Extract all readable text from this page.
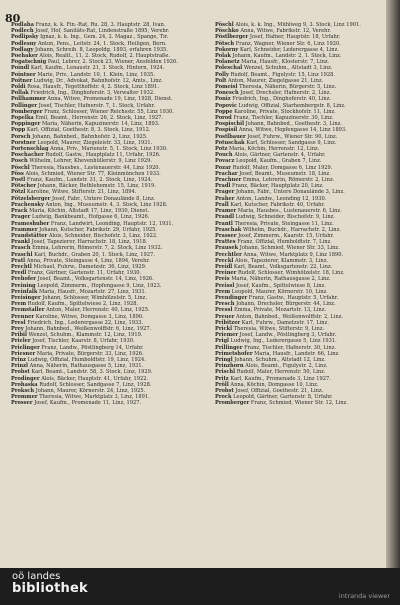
80
Podlaha Franz, k. k. Fin.-Rat, Ru. 28, 3. Hauptstr. 28, Ivan.
Podlech Josef, Hof, Sanitäts-Rat, Lindenstraße 1895, Verehr.
Podlipsky Ignaz, k. k. Ing., Gem. 24, 2. Magaz., Spange, Tir.
Podlesny Anton, Pens., Leitstr. 24, 1. Stock, Heiligen, Bern.
Podlagy Johann, Schreib. 8, Leopoldg. 1893, erfahren 1935.
Poehaker Alois, Realit., 11, 2. Stock, Rudolf, 2. Hauptstraße.
Pogatschnig Paul, Lehrer, 2. Stock 23, Wiener, Ansfelden 1926.
Poindl Karl, Kaufm., Lenaustr. 21, 3. Stock, Hintern, 1924.
Pointner Marie, Priv., Landstr. 10, 1. Klein, Linz, 1935.
Poitner Ludwig, Dr., Advokat, Bahnhofstr. 12, Amts., Linz.
Poldi Rosa, Hausfr., Tegetthoffstr. 4, 2. Stock, Linz 1891.
Pollak Friedrich, Ing., Dinghoferstr. 3, Verwalter 1932.
Pollhammer Anna, Witwe, Promenade 19, Linz, 1928, Dienst.
Pollinger Josef, Tischler, Hafnerstr. 7, 1. Stock, Urfahr.
Pomberger Franz, Schlosser, Wiener Reichsstr. 55, Linz 1930.
Popelka Emil, Beamt., Herrenstr. 26, 2. Stock, Linz, 1927.
Poppinger Maria, Näherin, Kapuzinerstr. 14, Linz, 1893.
Popp Karl, Offizial, Goethestr. 8, 3. Stock, Linz, 1912.
Porsch Johann, Bahnbed., Bahnhofstr. 2, Linz, 1925.
Porstner Leopold, Maurer, Ziegeleistr. 33, Linz, 1931.
Portenschlag Anna, Priv., Marienstr. 5, 1. Stock, Linz 1930.
Poschacher Rudolf, Gastw., Hauptplatz 11, Urfahr, 1926.
Posch Wilhelm, Lehrer, Khevenhüllerstr. 9, Linz 1929.
Pöschl Theresia, Hausbes., Lustenauerstr. 44, Linz 1920.
Pöss Alois, Schmied, Wiener Str. 77, Kleinmünchen 1933.
Postl Franz, Kaufm., Landstr. 31, 2. Stock, Linz, 1924.
Pötscher Johann, Bäcker, Bethlehemstr. 15, Linz, 1919.
Pötzl Karoline, Witwe, Stifterstr. 21, Linz, 1894.
Pötzelsberger Josef, Fabr., Untere Donaulände 8, Linz.
Prachensky Anton, Ing., Museumstr. 4, 3. Stock, Linz 1928.
Prack Maria, Köchin, Altstadt 17, Linz, 1930, Dienst.
Prager Ludwig, Bankbeamt., Hofgasse 6, Linz, 1926.
Prameshuber Franz, Landwirt, Leonding, Hauptstr. 12, 1931.
Prammer Johann, Kutscher, Fabrikstr. 29, Urfahr, 1925.
Prandstätter Alois, Schneider, Bischofstr. 3, Linz, 1922.
Prankl Josef, Tapezierer, Harrachstr. 18, Linz, 1918.
Prasch Emma, Lehrerin, Römerstr. 7, 2. Stock, Linz 1932.
Praschl Karl, Buchdr., Graben 20, 1. Stock, Linz, 1927.
Pratl Anna, Private, Steingasse 4, Linz, 1894, Verehr.
Prechtl Michael, Fuhrw., Dametzstr. 36, Linz, 1929.
Predl Franz, Gärtner, Gartenstr. 11, Urfahr, 1930.
Prehofer Josef, Beamt., Volksgartenstr. 14, Linz, 1926.
Preining Leopold, Zimmerm., Hopfengasse 9, Linz, 1923.
Preinfalk Maria, Hausfr., Mozartstr. 27, Linz, 1931.
Preisinger Johann, Schlosser, Wimhölzelstr. 5, Linz.
Prem Rudolf, Kaufm., Spittelwiese 2, Linz, 1928.
Premstaller Anton, Maler, Herrenstr. 40, Linz, 1925.
Prenner Karoline, Witwe, Domgasse 3, Linz, 1890.
Presl Friedrich, Ing., Lederergasse 22, Linz, 1933.
Prey Johann, Bahnbed., Weißenwolffstr. 6, Linz, 1927.
Pribil Wenzel, Schuhm., Klammstr. 12, Linz, 1919.
Prieler Josef, Tischler, Kaarstr. 8, Urfahr, 1930.
Prielinger Franz, Landw., Pöstlingberg 14, Urfahr.
Priesner Maria, Private, Bürgerstr. 33, Linz, 1926.
Prinz Ludwig, Offizial, Humboldtstr. 19, Linz, 1924.
Prinzl Anna, Näherin, Rathausgasse 5, Linz, 1931.
Probst Karl, Beamt., Landstr. 58, 3. Stock, Linz, 1929.
Prodinger Alois, Bäcker, Hauptstr. 41, Urfahr, 1922.
Prohaska Rudolf, Schlosser, Sandgasse 7, Linz, 1928.
Proksch Johann, Maurer, Körnerstr. 24, Linz, 1925.
Prommer Theresia, Witwe, Marktplatz 3, Linz, 1891.
Prosser Josef, Kaufm., Promenade 11, Linz, 1927.
Pöschl Alois, k. k. Ing., Mühlweg 9, 3. Stock, Linz 1901.
Pöschko Anna, Witwe, Fabrikstr. 12, Verehr.
Pöstlberger Josef, Hafner, Hauptstr. 18, Urfahr.
Pötsch Franz, Wagner, Wiener Str. 6, Linz 1920.
Pokorny Karl, Schneider, Lederergasse 4, Linz.
Polak Johann, Kaufm., Landstr. 2, 1. Stock, Linz.
Polanetz Maria, Hausfr., Klosterstr. 7, Linz.
Poleschal Wenzel, Schuhm., Altstadt 3, Linz.
Polly Rudolf, Beamt., Figulystr. 15, Linz 1928.
Polt Anton, Maurer, Ziegelgasse 21, Linz.
Pomeisl Theresia, Näherin, Bürgerstr. 5, Linz.
Ponesch Josef, Drechsler, Hafnerstr. 2, Linz.
Poniz Friedrich, Ing., Dinghoferstr. 40, Linz.
Popovic Ludwig, Offizial, Starhembergstr. 8, Linz.
Poppe Karoline, Private, Stockhofstr. 11, Linz.
Porod Franz, Tischler, Kapuzinerstr. 30, Linz.
Pospischil Johann, Bahnbed., Goethestr. 3, Linz.
Pospisil Anna, Witwe, Hopfengasse 14, Linz 1893.
Postlbauer Josef, Fuhrw., Wiener Str. 90, Linz.
Potuschak Karl, Schlosser, Sandgasse 9, Linz.
Potz Maria, Köchin, Herrenstr. 12, Linz.
Pouch Alois, Gärtner, Gartenstr. 4, Urfahr.
Povacz Leopold, Kaufm., Graben 7, Linz.
Pozar Rudolf, Maler, Domgasse 6, Linz 1929.
Prachar Josef, Beamt., Museumstr. 18, Linz.
Prachner Emma, Lehrerin, Römerstr. 2, Linz.
Pradl Franz, Bäcker, Hauptplatz 20, Linz.
Prager Johann, Fabr., Untere Donaulände 3, Linz.
Praher Anton, Landw., Leonding 12, 1930.
Prall Karl, Kutscher, Fabrikstr. 40, Urfahr.
Pramer Maria, Hausbes., Lustenauerstr. 6, Linz.
Prandl Ludwig, Schneider, Bischofstr. 9, Linz.
Prantl Theresia, Private, Steingasse 11, Linz.
Praschak Wilhelm, Buchdr., Harrachstr. 2, Linz.
Prasser Josef, Zimmerm., Kaarstr. 15, Urfahr.
Prattes Franz, Offizial, Humboldtstr. 7, Linz.
Prausek Johann, Schmied, Wiener Str. 33, Linz.
Prechtler Anna, Witwe, Marktplatz 9, Linz 1890.
Preckl Alois, Tapezierer, Klammstr. 3, Linz.
Preidl Karl, Beamt., Volksgartenstr. 22, Linz.
Preiner Rudolf, Schlosser, Wimhölzelstr. 18, Linz.
Preis Maria, Näherin, Rathausgasse 2, Linz.
Preissl Josef, Kaufm., Spittelwiese 8, Linz.
Prem Leopold, Maurer, Körnerstr. 10, Linz.
Prendinger Franz, Gastw., Hauptstr. 5, Urfahr.
Presch Johann, Drechsler, Bürgerstr. 44, Linz.
Pressl Emma, Private, Mozartstr. 13, Linz.
Preuer Anton, Bahnbed., Weißenwolffstr. 2, Linz.
Pribitzer Karl, Fuhrw., Dametzstr. 17, Linz.
Prickl Theresia, Witwe, Stifterstr. 9, Linz.
Priemer Josef, Landw., Pöstlingberg 3, Urfahr.
Prigl Ludwig, Ing., Lederergasse 5, Linz 1931.
Prillinger Franz, Tischler, Hafnerstr. 30, Linz.
Primetshofer Maria, Hausfr., Landstr. 66, Linz.
Pringl Johann, Schuhm., Altstadt 12, Linz.
Prinzhorn Alois, Beamt., Figulystr. 2, Linz.
Prischl Rudolf, Maler, Herrenstr. 50, Linz.
Pritz Karl, Kaufm., Promenade 3, Linz 1927.
Pröll Anna, Köchin, Domgasse 10, Linz.
Probst Josef, Offizial, Goethestr. 21, Linz.
Prock Leopold, Gärtner, Gartenstr. 8, Urfahr.
Promberger Franz, Schmied, Wiener Str. 12, Linz.
oö landes
bibliothek	intranda viewer
